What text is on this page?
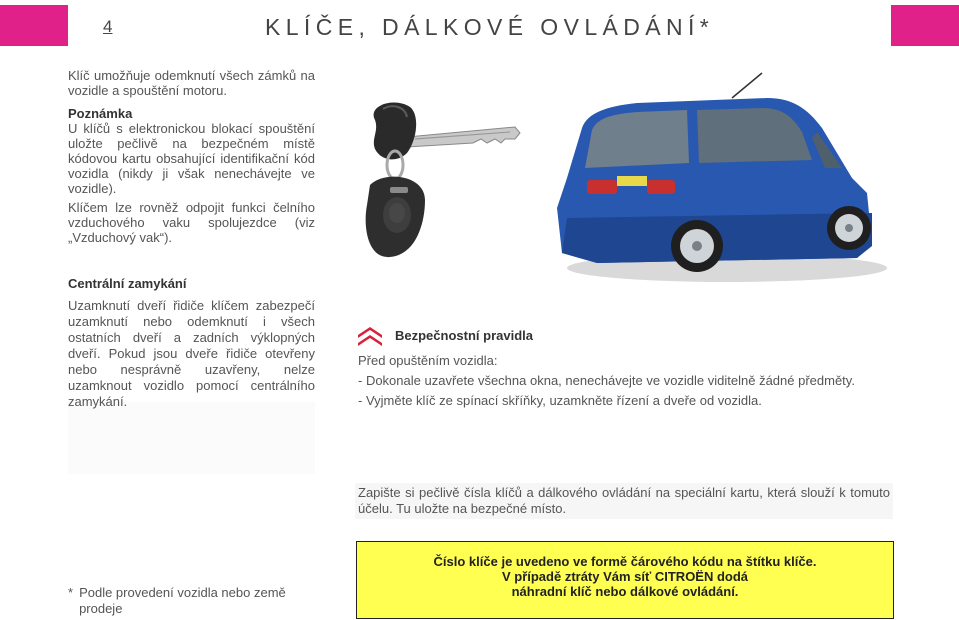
4	KLÍČE, DÁLKOVÉ OVLÁDÁNÍ*

Klíč umožňuje odemknutí všech zámků na vozidle a spouštění motoru.

Poznámka

U klíčů s elektronickou blokací spouštění uložte pečlivě na bezpečném místě kódovou kartu obsahující identifikační kód vozidla (nikdy ji však nenechávejte ve vozidle).

Klíčem lze rovněž odpojit funkci čelního vzduchového vaku spolujezdce (viz „Vzduchový vak“).

Centrální zamykání

Uzamknutí dveří řidiče klíčem zabezpečí uzamknutí nebo odemknutí i všech ostatních dveří a zadních výklopných dveří. Pokud jsou dveře řidiče otevřeny nebo nesprávně uzavřeny, nelze uzamknout vozidlo pomocí centrálního zamykání.

Bezpečnostní pravidla
Před opuštěním vozidla:
- Dokonale uzavřete všechna okna, nenechávejte ve vozidle viditelně žádné předměty.
- Vyjměte klíč ze spínací skříňky, uzamkněte řízení a dveře od vozidla.
Zapište si pečlivě čísla klíčů a dálkového ovládání na speciální kartu, která slouží k tomuto účelu. Tu uložte na bezpečné místo.
* Podle provedení vozidla nebo země prodeje
Číslo klíče je uvedeno ve formě čárového kódu na štítku klíče.
V případě ztráty Vám síť CITROËN dodá
náhradní klíč nebo dálkové ovládání.
